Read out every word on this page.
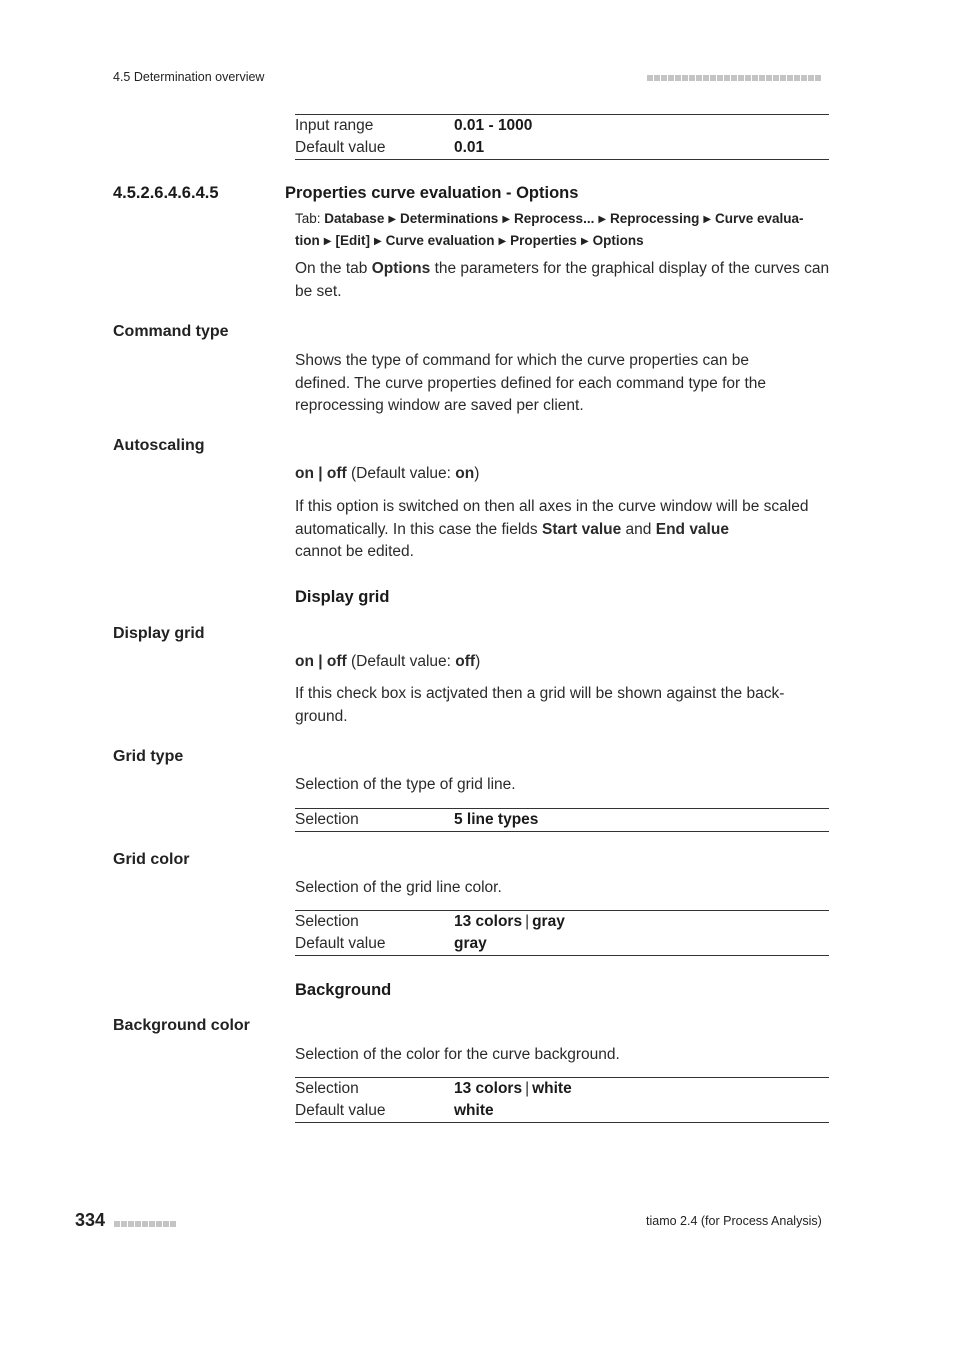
4.5 Determination overview
Input range	0.01 - 1000
Default value	0.01
4.5.2.6.4.6.4.5	Properties curve evaluation - Options
Tab: Database ▶ Determinations ▶ Reprocess... ▶ Reprocessing ▶ Curve evalua-
tion ▶ [Edit] ▶ Curve evaluation ▶ Properties ▶ Options
On the tab Options the parameters for the graphical display of the curves can be set.
Command type
Shows the type of command for which the curve properties can be defined. The curve properties defined for each command type for the reprocessing window are saved per client.
Autoscaling
on | off (Default value: on)
If this option is switched on then all axes in the curve window will be scaled automatically. In this case the fields Start value and End value
cannot be edited.
Display grid
Display grid
on | off (Default value: off)
If this check box is actjvated then a grid will be shown against the back-
ground.
Grid type
Selection of the type of grid line.
Selection	5 line types
Grid color
Selection of the grid line color.
Selection	13 colors | gray
Default value	gray
Background
Background color
Selection of the color for the curve background.
Selection	13 colors | white
Default value	white
334	tiamo 2.4 (for Process Analysis)
